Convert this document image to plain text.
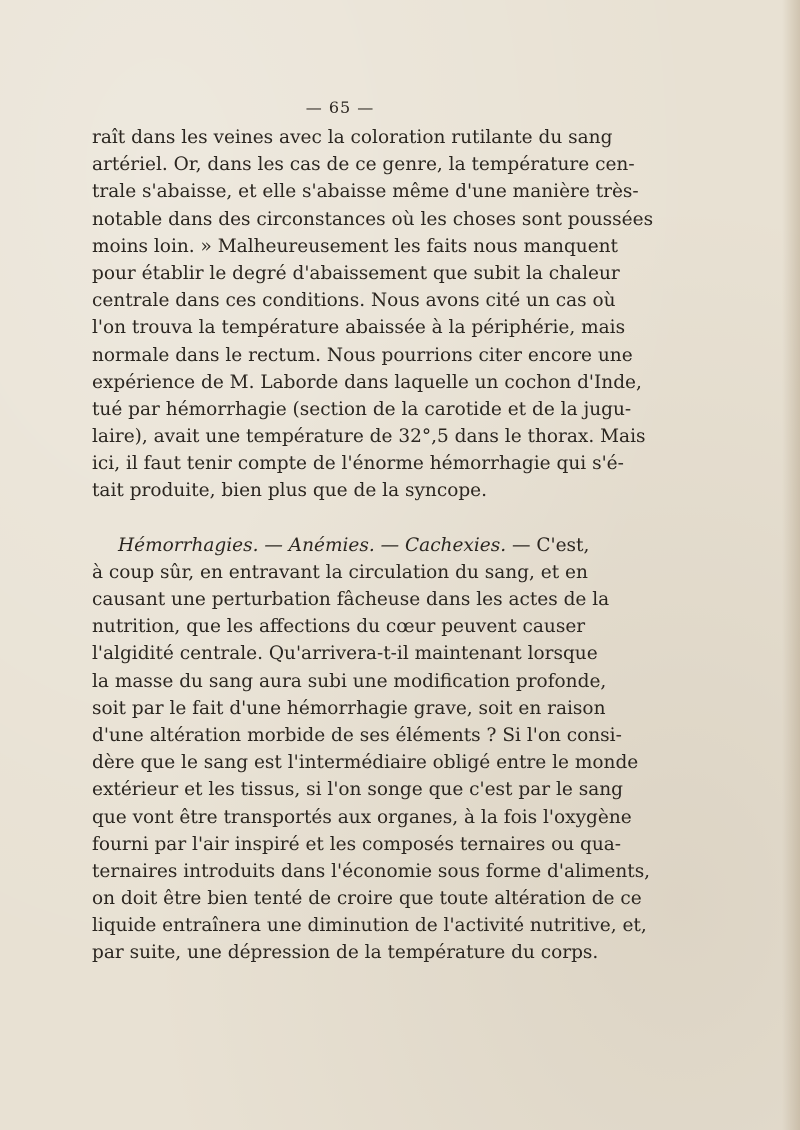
— 65 —
raît dans les veines avec la coloration rutilante du sang
artériel. Or, dans les cas de ce genre, la température cen-
trale s'abaisse, et elle s'abaisse même d'une manière très-
notable dans des circonstances où les choses sont poussées
moins loin. » Malheureusement les faits nous manquent
pour établir le degré d'abaissement que subit la chaleur
centrale dans ces conditions. Nous avons cité un cas où
l'on trouva la température abaissée à la périphérie, mais
normale dans le rectum. Nous pourrions citer encore une
expérience de M. Laborde dans laquelle un cochon d'Inde,
tué par hémorrhagie (section de la carotide et de la jugu-
laire), avait une température de 32°,5 dans le thorax. Mais
ici, il faut tenir compte de l'énorme hémorrhagie qui s'é-
tait produite, bien plus que de la syncope.
Hémorrhagies. — Anémies. — Cachexies. — C'est,
à coup sûr, en entravant la circulation du sang, et en
causant une perturbation fâcheuse dans les actes de la
nutrition, que les affections du cœur peuvent causer
l'algidité centrale. Qu'arrivera-t-il maintenant lorsque
la masse du sang aura subi une modification profonde,
soit par le fait d'une hémorrhagie grave, soit en raison
d'une altération morbide de ses éléments ? Si l'on consi-
dère que le sang est l'intermédiaire obligé entre le monde
extérieur et les tissus, si l'on songe que c'est par le sang
que vont être transportés aux organes, à la fois l'oxygène
fourni par l'air inspiré et les composés ternaires ou qua-
ternaires introduits dans l'économie sous forme d'aliments,
on doit être bien tenté de croire que toute altération de ce
liquide entraînera une diminution de l'activité nutritive, et,
par suite, une dépression de la température du corps.
